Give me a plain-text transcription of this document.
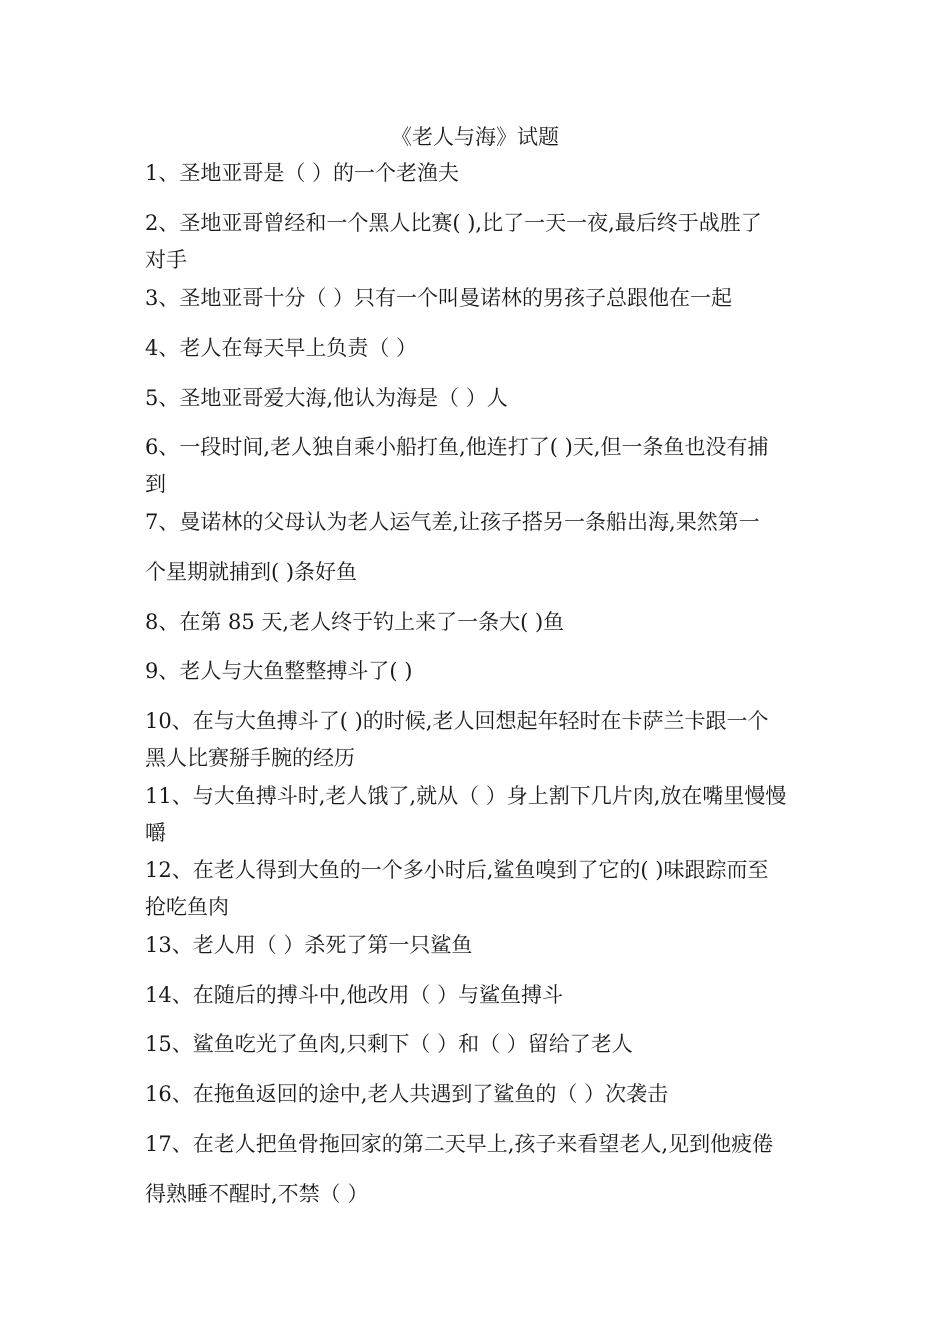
《老人与海》试题
1、圣地亚哥是（ ）的一个老渔夫
2、圣地亚哥曾经和一个黑人比赛( ),比了一天一夜,最后终于战胜了
对手
3、圣地亚哥十分（ ）只有一个叫曼诺林的男孩子总跟他在一起
4、老人在每天早上负责（ ）
5、圣地亚哥爱大海,他认为海是（ ）人
6、一段时间,老人独自乘小船打鱼,他连打了( )天,但一条鱼也没有捕
到
7、曼诺林的父母认为老人运气差,让孩子搭另一条船出海,果然第一
个星期就捕到( )条好鱼
8、在第 85 天,老人终于钓上来了一条大( )鱼
9、老人与大鱼整整搏斗了( )
10、在与大鱼搏斗了( )的时候,老人回想起年轻时在卡萨兰卡跟一个
黑人比赛掰手腕的经历
11、与大鱼搏斗时,老人饿了,就从（ ）身上割下几片肉,放在嘴里慢慢
嚼
12、在老人得到大鱼的一个多小时后,鲨鱼嗅到了它的( )味跟踪而至
抢吃鱼肉
13、老人用（ ）杀死了第一只鲨鱼
14、在随后的搏斗中,他改用（ ）与鲨鱼搏斗
15、鲨鱼吃光了鱼肉,只剩下（ ）和（ ）留给了老人
16、在拖鱼返回的途中,老人共遇到了鲨鱼的（ ）次袭击
17、在老人把鱼骨拖回家的第二天早上,孩子来看望老人,见到他疲倦
得熟睡不醒时,不禁（ ）
